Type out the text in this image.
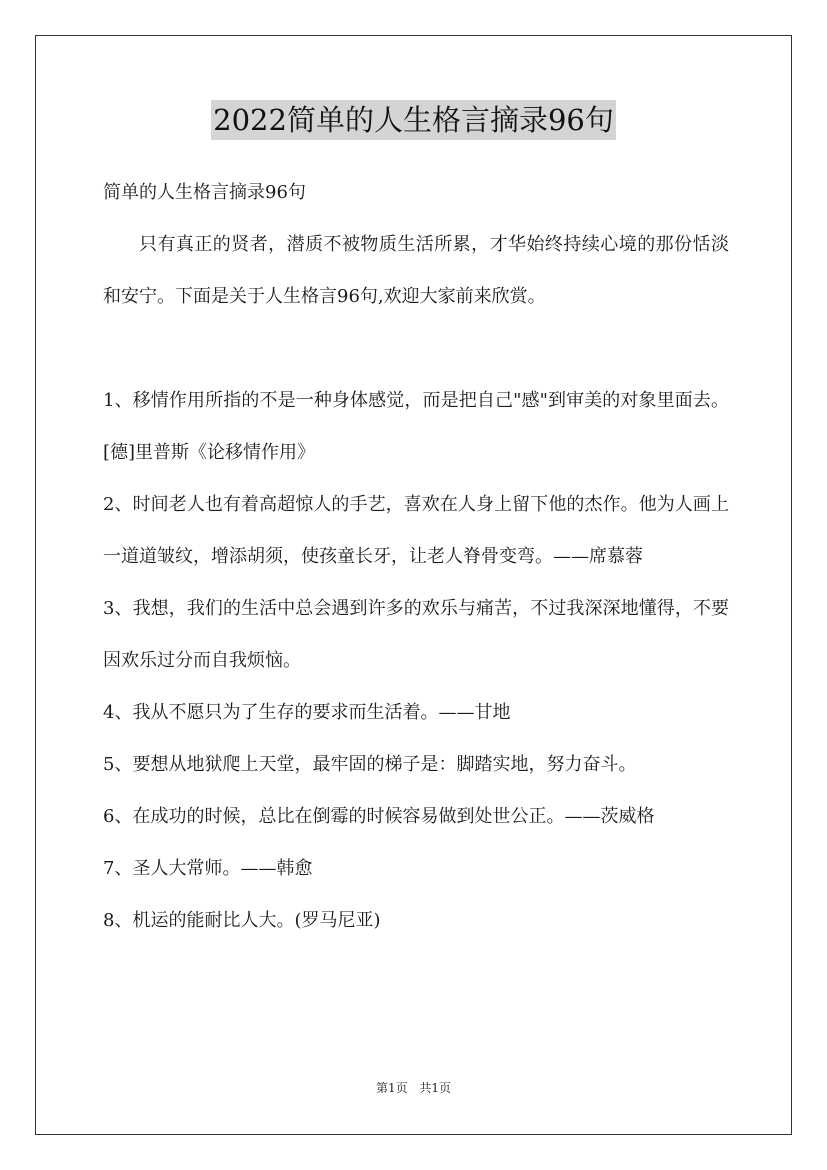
2022简单的人生格言摘录96句

简单的人生格言摘录96句

只有真正的贤者，潜质不被物质生活所累，才华始终持续心境的那份恬淡和安宁。下面是关于人生格言96句,欢迎大家前来欣赏。

1、移情作用所指的不是一种身体感觉，而是把自己"感"到审美的对象里面去。[德]里普斯《论移情作用》

2、时间老人也有着高超惊人的手艺，喜欢在人身上留下他的杰作。他为人画上一道道皱纹，增添胡须，使孩童长牙，让老人脊骨变弯。——席慕蓉

3、我想，我们的生活中总会遇到许多的欢乐与痛苦，不过我深深地懂得，不要因欢乐过分而自我烦恼。

4、我从不愿只为了生存的要求而生活着。——甘地

5、要想从地狱爬上天堂，最牢固的梯子是：脚踏实地，努力奋斗。

6、在成功的时候，总比在倒霉的时候容易做到处世公正。——茨威格

7、圣人大常师。——韩愈

8、机运的能耐比人大。(罗马尼亚)

第1页 共1页
